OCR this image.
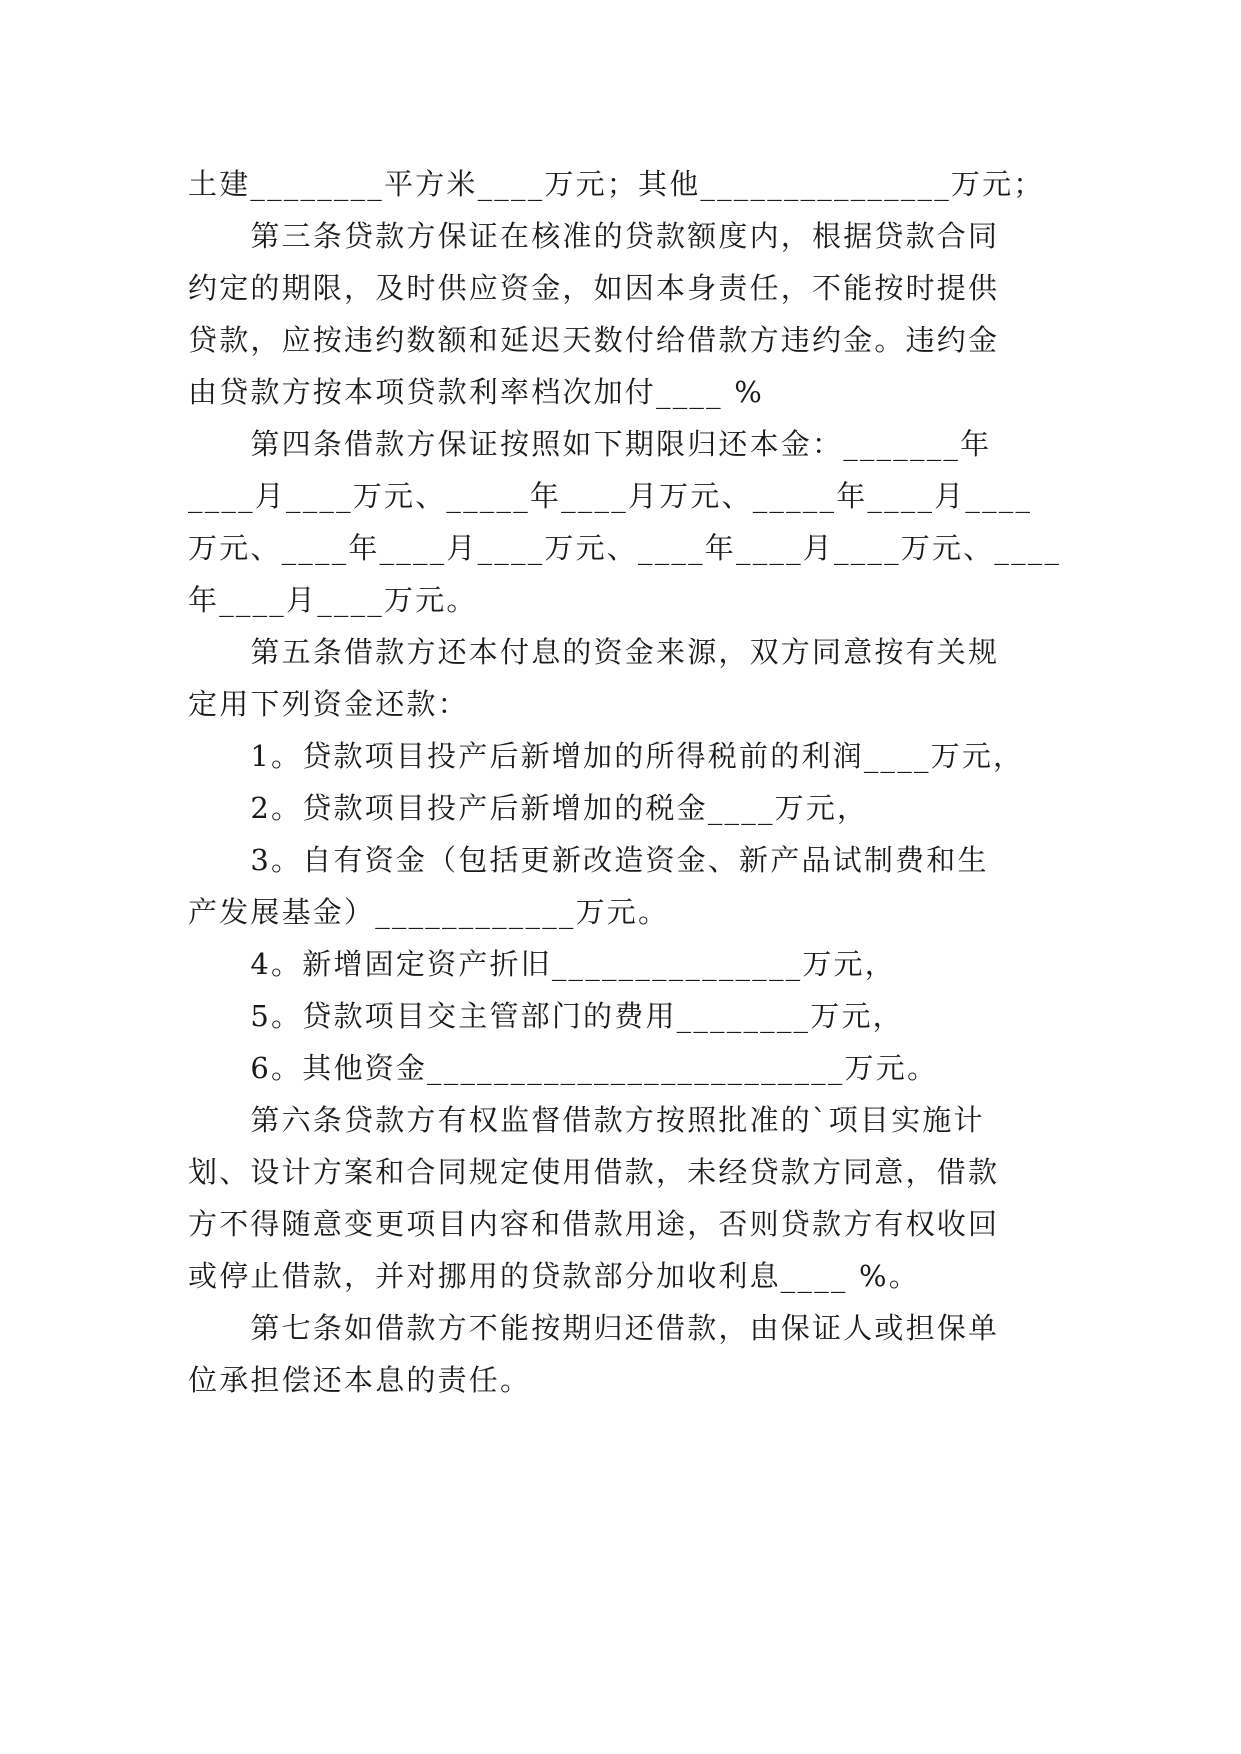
土建________平方米____万元；其他_______________万元；
　　第三条贷款方保证在核准的贷款额度内，根据贷款合同
约定的期限，及时供应资金，如因本身责任，不能按时提供
贷款，应按违约数额和延迟天数付给借款方违约金。违约金
由贷款方按本项贷款利率档次加付____ %
　　第四条借款方保证按照如下期限归还本金：_______年
____月____万元、_____年____月万元、_____年____月____
万元、____年____月____万元、____年____月____万元、____
年____月____万元。
　　第五条借款方还本付息的资金来源，双方同意按有关规
定用下列资金还款：
　　1。贷款项目投产后新增加的所得税前的利润____万元，
　　2。贷款项目投产后新增加的税金____万元，
　　3。自有资金（包括更新改造资金、新产品试制费和生
产发展基金）____________万元。
　　4。新增固定资产折旧_______________万元，
　　5。贷款项目交主管部门的费用________万元，
　　6。其他资金_________________________万元。
　　第六条贷款方有权监督借款方按照批准的`项目实施计
划、设计方案和合同规定使用借款，未经贷款方同意，借款
方不得随意变更项目内容和借款用途，否则贷款方有权收回
或停止借款，并对挪用的贷款部分加收利息____ %。
　　第七条如借款方不能按期归还借款，由保证人或担保单
位承担偿还本息的责任。
